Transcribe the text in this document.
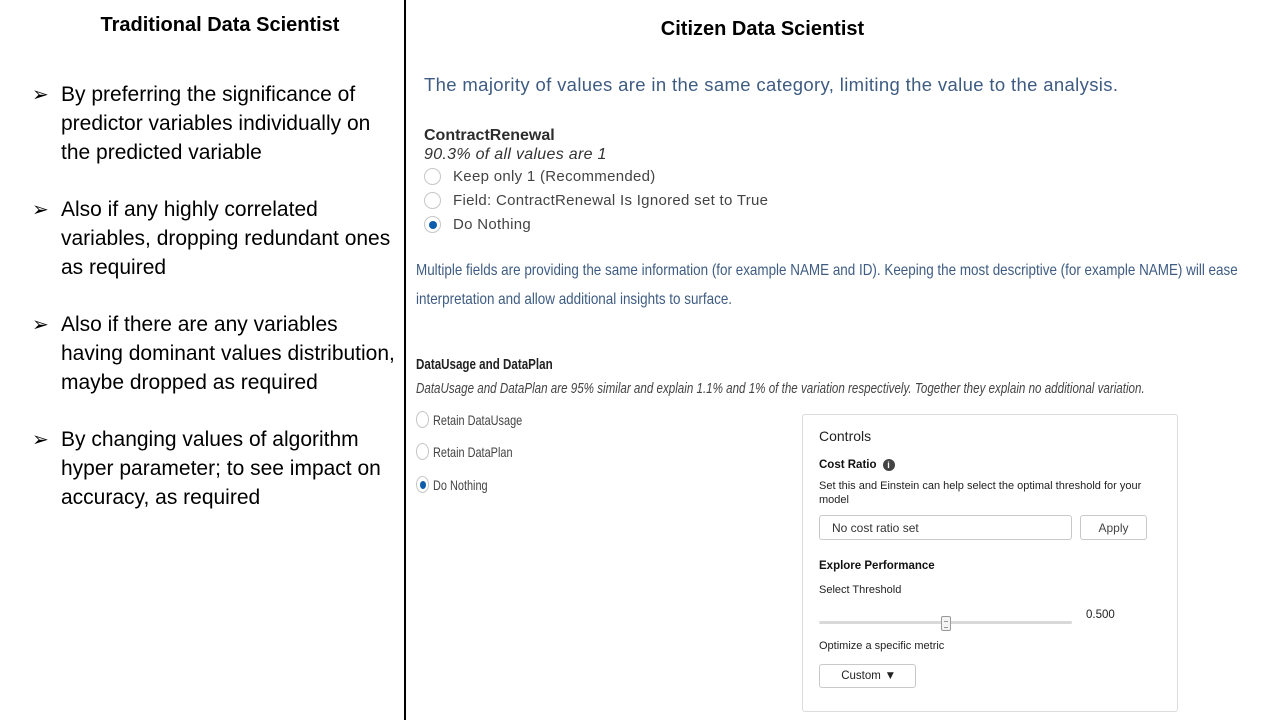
Traditional Data Scientist
➢ By preferring the significance of predictor variables individually on the predicted variable
➢ Also if any highly correlated variables, dropping redundant ones as required
➢ Also if there are any variables having dominant values distribution, maybe dropped as required
➢ By changing values of algorithm hyper parameter; to see impact on accuracy, as required
Citizen Data Scientist
The majority of values are in the same category, limiting the value to the analysis.
ContractRenewal
90.3% of all values are 1
Keep only 1 (Recommended)
Field: ContractRenewal Is Ignored set to True
Do Nothing
Multiple fields are providing the same information (for example NAME and ID). Keeping the most descriptive (for example NAME) will ease interpretation and allow additional insights to surface.
DataUsage and DataPlan
DataUsage and DataPlan are 95% similar and explain 1.1% and 1% of the variation respectively. Together they explain no additional variation.
Retain DataUsage
Retain DataPlan
Do Nothing
Controls
Cost Ratio	i
Set this and Einstein can help select the optimal threshold for your model
No cost ratio set
Apply
Explore Performance
Select Threshold
0.500
Optimize a specific metric
Custom ▼
